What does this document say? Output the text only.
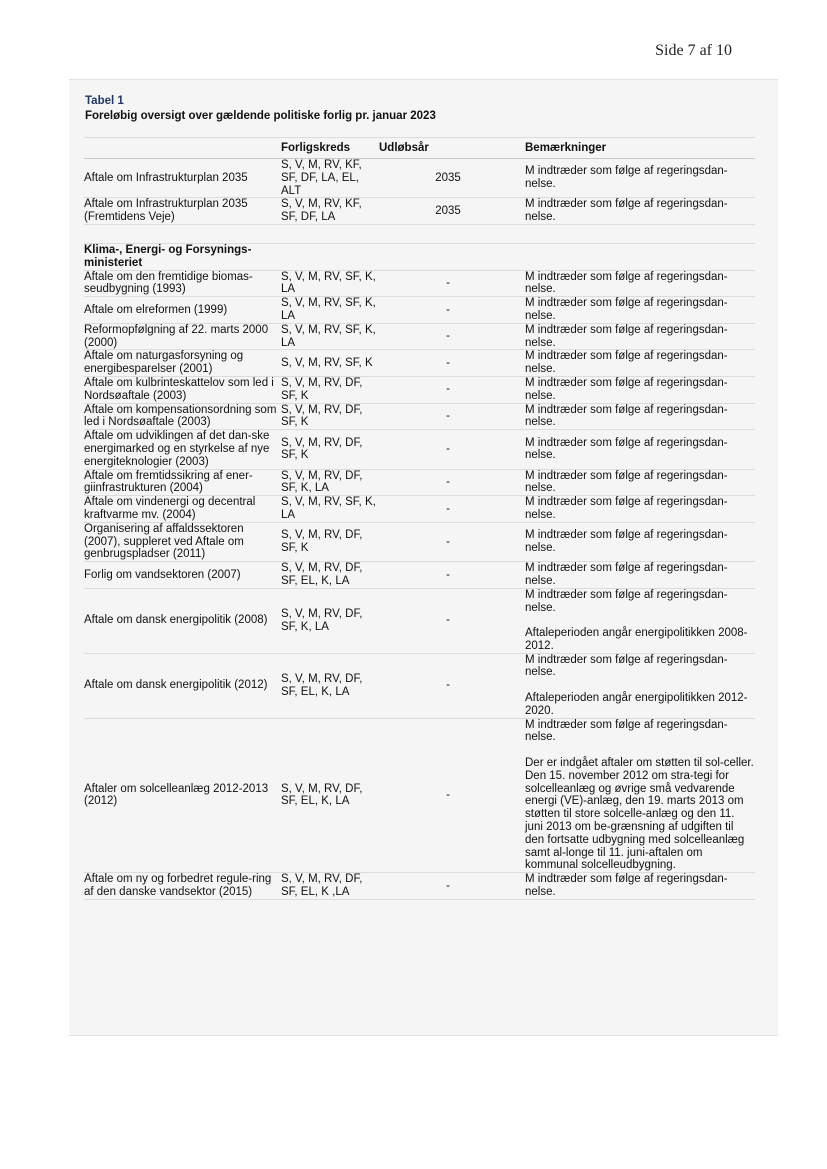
Side 7 af 10
Tabel 1
Foreløbig oversigt over gældende politiske forlig pr. januar 2023
	Forligskreds	Udløbsår	Bemærkninger
Aftale om Infrastrukturplan 2035	S, V, M, RV, KF, SF, DF, LA, EL, ALT	2035	M indtræder som følge af regeringsdan-nelse.

Aftale om Infrastrukturplan 2035 (Fremtidens Veje)	S, V, M, RV, KF, SF, DF, LA	2035	M indtræder som følge af regeringsdan-nelse.

Klima-, Energi- og Forsynings-ministeriet			
Aftale om den fremtidige biomas-seudbygning (1993)	S, V, M, RV, SF, K, LA	-	M indtræder som følge af regeringsdan-nelse.

Aftale om elreformen (1999)	S, V, M, RV, SF, K, LA	-	M indtræder som følge af regeringsdan-nelse.

Reformopfølgning af 22. marts 2000 (2000)	S, V, M, RV, SF, K, LA	-	M indtræder som følge af regeringsdan-nelse.

Aftale om naturgasforsyning og energibesparelser (2001)	S, V, M, RV, SF, K	-	M indtræder som følge af regeringsdan-nelse.

Aftale om kulbrinteskattelov som led i Nordsøaftale (2003)	S, V, M, RV, DF, SF, K	-	M indtræder som følge af regeringsdan-nelse.

Aftale om kompensationsordning som led i Nordsøaftale (2003)	S, V, M, RV, DF, SF, K	-	M indtræder som følge af regeringsdan-nelse.

Aftale om udviklingen af det dan-ske energimarked og en styrkelse af nye energiteknologier (2003)	S, V, M, RV, DF, SF, K	-	M indtræder som følge af regeringsdan-nelse.

Aftale om fremtidssikring af ener-giinfrastrukturen (2004)	S, V, M, RV, DF, SF, K, LA	-	M indtræder som følge af regeringsdan-nelse.

Aftale om vindenergi og decentral kraftvarme mv. (2004)	S, V, M, RV, SF, K, LA	-	M indtræder som følge af regeringsdan-nelse.

Organisering af affaldssektoren (2007), suppleret ved Aftale om genbrugspladser (2011)	S, V, M, RV, DF, SF, K	-	M indtræder som følge af regeringsdan-nelse.

Forlig om vandsektoren (2007)	S, V, M, RV, DF, SF, EL, K, LA	-	M indtræder som følge af regeringsdan-nelse.

Aftale om dansk energipolitik (2008)	S, V, M, RV, DF, SF, K, LA	-	M indtræder som følge af regeringsdan-nelse.

Aftaleperioden angår energipolitikken 2008-2012.

Aftale om dansk energipolitik (2012)	S, V, M, RV, DF, SF, EL, K, LA	-	M indtræder som følge af regeringsdan-nelse.

Aftaleperioden angår energipolitikken 2012-2020.

Aftaler om solcelleanlæg 2012-2013 (2012)	S, V, M, RV, DF, SF, EL, K, LA	-	M indtræder som følge af regeringsdan-nelse.

Der er indgået aftaler om støtten til sol-celler. Den 15. november 2012 om stra-tegi for solcelleanlæg og øvrige små vedvarende energi (VE)-anlæg, den 19. marts 2013 om støtten til store solcelle-anlæg og den 11. juni 2013 om be-grænsning af udgiften til den fortsatte udbygning med solcelleanlæg samt al-longe til 11. juni-aftalen om kommunal solcelleudbygning.

Aftale om ny og forbedret regule-ring af den danske vandsektor (2015)	S, V, M, RV, DF, SF, EL, K ,LA	-	M indtræder som følge af regeringsdan-nelse.
